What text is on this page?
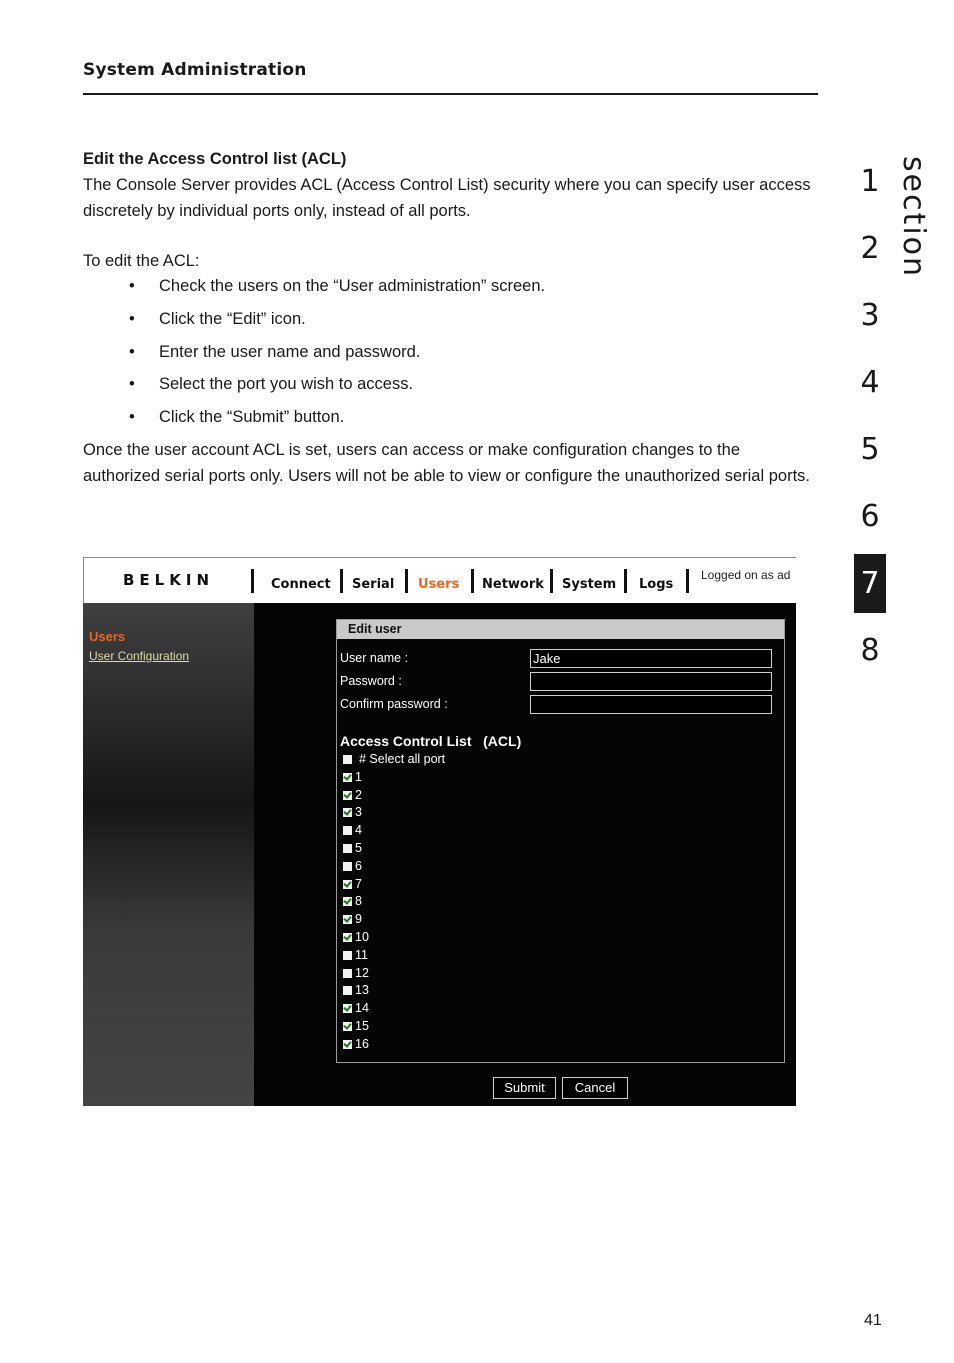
System Administration
section
1
2
3
4
5
6
7
8
Edit the Access Control list (ACL)
The Console Server provides ACL (Access Control List) security where you can specify user access discretely by individual ports only, instead of all ports.
To edit the ACL:
• Check the users on the “User administration” screen.
• Click the “Edit” icon.
• Enter the user name and password.
• Select the port you wish to access.
• Click the “Submit” button.
Once the user account ACL is set, users can access or make configuration changes to the authorized serial ports only. Users will not be able to view or configure the unauthorized serial ports.
BELKIN	Connect Serial Users Network System Logs
Logged on as ad
Users
User Configuration
Edit user
User name :
Jake
Password :
Confirm password :
Access Control List   (ACL)
# Select all port
1
2
3
4
5
6
7
8
9
10
11
12
13
14
15
16
Submit	Cancel
41
